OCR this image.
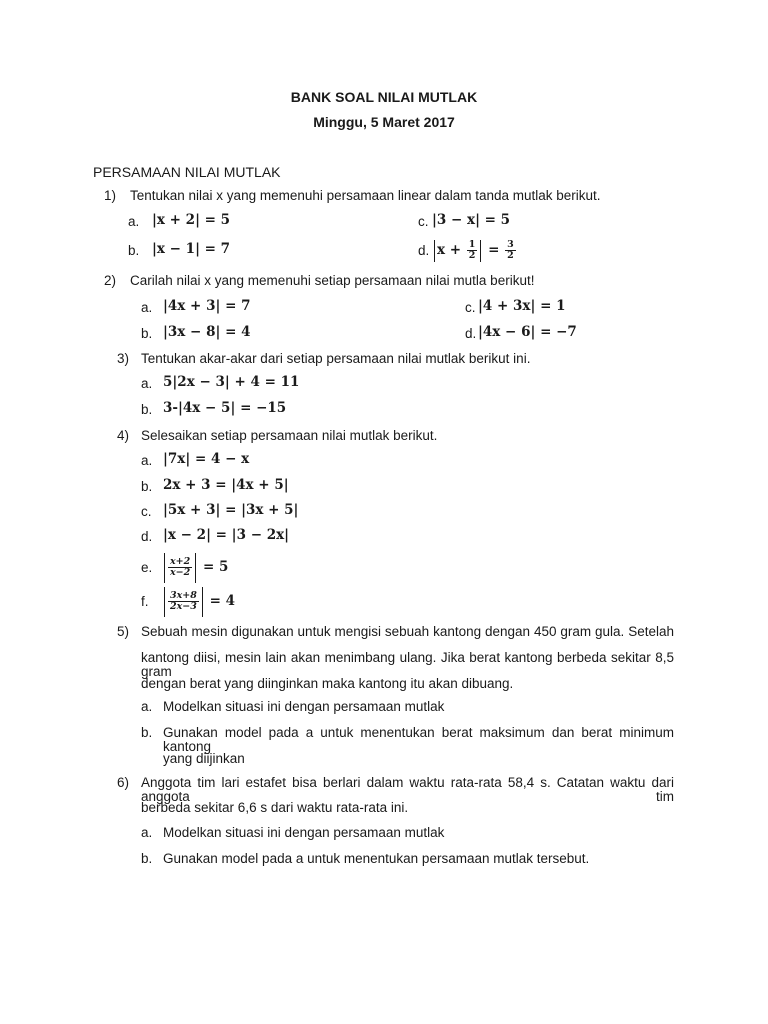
BANK SOAL NILAI MUTLAK
Minggu, 5 Maret 2017
PERSAMAAN NILAI MUTLAK
1) Tentukan nilai x yang memenuhi persamaan linear dalam tanda mutlak berikut.
a. |x + 2| = 5	c. |3 − x| = 5
b. |x − 1| = 7	d. $x + \frac{1}{2} = \frac{3}{2}$
2) Carilah nilai x yang memenuhi setiap persamaan nilai mutla berikut!
a. |4x + 3| = 7	c. |4 + 3x| = 1
b. |3x − 8| = 4	d. |4x − 6| = −7
3) Tentukan akar-akar dari setiap persamaan nilai mutlak berikut ini.
a. 5|2x − 3| + 4 = 11
b. 3-|4x − 5| = −15
4) Selesaikan setiap persamaan nilai mutlak berikut.
a. |7x| = 4 − x
b. 2x + 3 = |4x + 5|
c. |5x + 3| = |3x + 5|
d. |x − 2| = |3 − 2x|
e. $\frac{x+2}{x-2} = 5$
f. $\frac{3x+8}{2x-3} = 4$
5) Sebuah mesin digunakan untuk mengisi sebuah kantong dengan 450 gram gula. Setelah
kantong diisi, mesin lain akan menimbang ulang. Jika berat kantong berbeda sekitar 8,5 gram
dengan berat yang diinginkan maka kantong itu akan dibuang.
a. Modelkan situasi ini dengan persamaan mutlak
b. Gunakan model pada a untuk menentukan berat maksimum dan berat minimum kantong
yang diijinkan
6) Anggota tim lari estafet bisa berlari dalam waktu rata-rata 58,4 s. Catatan waktu dari anggota tim
berbeda sekitar 6,6 s dari waktu rata-rata ini.
a. Modelkan situasi ini dengan persamaan mutlak
b. Gunakan model pada a untuk menentukan persamaan mutlak tersebut.
